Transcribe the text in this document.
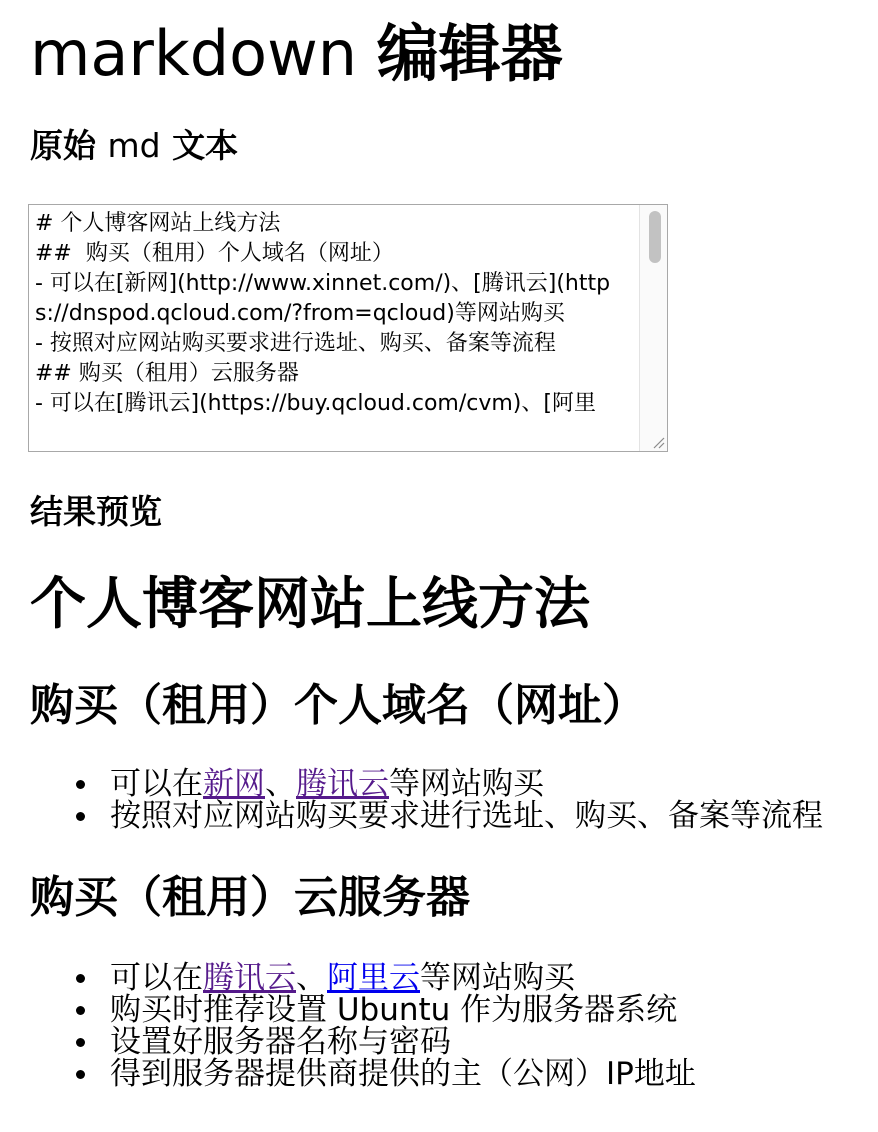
markdown 编辑器
原始 md 文本
# 个人博客网站上线方法 ## 购买（租用）个人域名（网址） - 可以在[新网](http://www.xinnet.com/)、[腾讯云](https://dnspod.qcloud.com/?from=qcloud)等网站购买 - 按照对应网站购买要求进行选址、购买、备案等流程 ## 购买（租用）云服务器 - 可以在[腾讯云](https://buy.qcloud.com/cvm)、[阿里
结果预览
个人博客网站上线方法
购买（租用）个人域名（网址）
可以在新网、腾讯云等网站购买
按照对应网站购买要求进行选址、购买、备案等流程
购买（租用）云服务器
可以在腾讯云、阿里云等网站购买
购买时推荐设置 Ubuntu 作为服务器系统
设置好服务器名称与密码
得到服务器提供商提供的主（公网）IP地址
